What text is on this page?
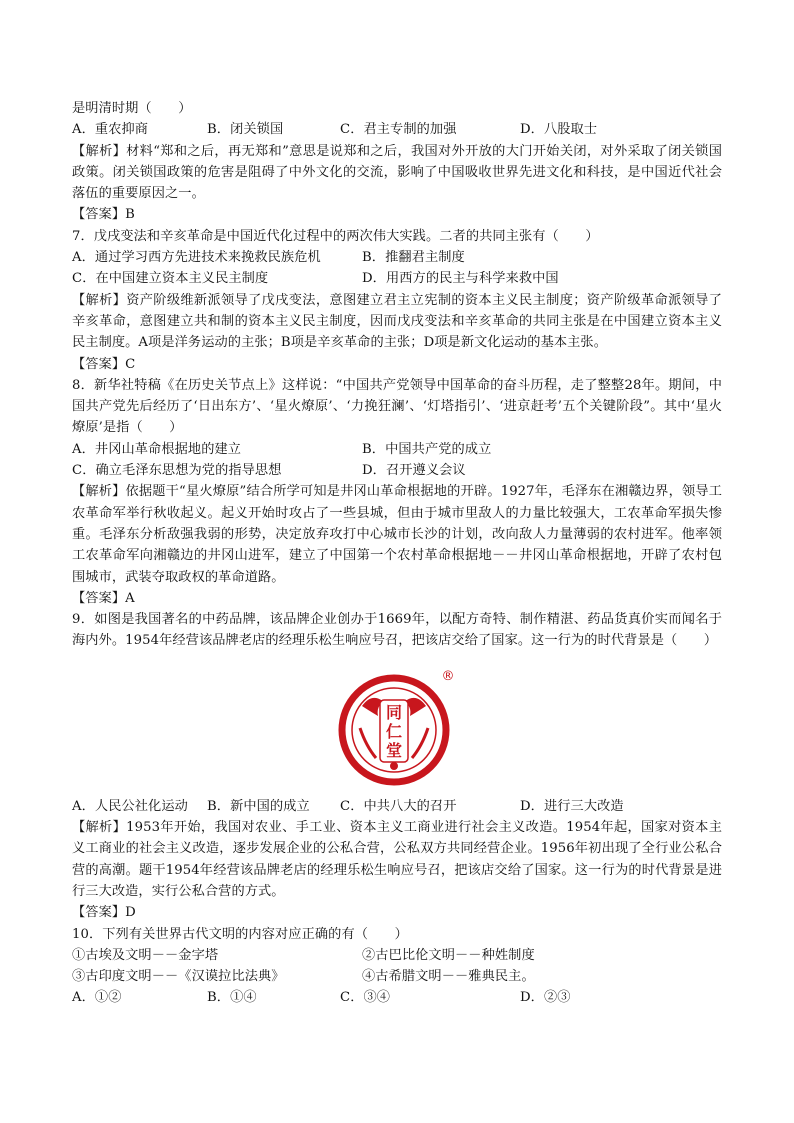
是明清时期（　　）
A．重农抑商	B．闭关锁国	C．君主专制的加强	D．八股取士
【解析】材料“郑和之后，再无郑和”意思是说郑和之后，我国对外开放的大门开始关闭，对外采取了闭关锁国政策。闭关锁国政策的危害是阻碍了中外文化的交流，影响了中国吸收世界先进文化和科技，是中国近代社会落伍的重要原因之一。
【答案】B
7．戊戌变法和辛亥革命是中国近代化过程中的两次伟大实践。二者的共同主张有（　　）
A．通过学习西方先进技术来挽救民族危机	B．推翻君主制度
C．在中国建立资本主义民主制度	D．用西方的民主与科学来救中国
【解析】资产阶级维新派领导了戊戌变法，意图建立君主立宪制的资本主义民主制度；资产阶级革命派领导了辛亥革命，意图建立共和制的资本主义民主制度，因而戊戌变法和辛亥革命的共同主张是在中国建立资本主义民主制度。A项是洋务运动的主张；B项是辛亥革命的主张；D项是新文化运动的基本主张。
【答案】C
8．新华社特稿《在历史关节点上》这样说：“中国共产党领导中国革命的奋斗历程，走了整整28年。期间，中国共产党先后经历了‘日出东方’、‘星火燎原’、‘力挽狂澜’、‘灯塔指引’、‘进京赶考’五个关键阶段”。其中‘星火燎原’是指（　　）
A．井冈山革命根据地的建立	B．中国共产党的成立
C．确立毛泽东思想为党的指导思想	D．召开遵义会议
【解析】依据题干“星火燎原”结合所学可知是井冈山革命根据地的开辟。1927年，毛泽东在湘赣边界，领导工农革命军举行秋收起义。起义开始时攻占了一些县城，但由于城市里敌人的力量比较强大，工农革命军损失惨重。毛泽东分析敌强我弱的形势，决定放弃攻打中心城市长沙的计划，改向敌人力量薄弱的农村进军。他率领工农革命军向湘赣边的井冈山进军，建立了中国第一个农村革命根据地－－井冈山革命根据地，开辟了农村包围城市，武装夺取政权的革命道路。
【答案】A
9．如图是我国著名的中药品牌，该品牌企业创办于1669年，以配方奇特、制作精湛、药品货真价实而闻名于海内外。1954年经营该品牌老店的经理乐松生响应号召，把该店交给了国家。这一行为的时代背景是（　　）
同
仁
堂
®
A．人民公社化运动	B．新中国的成立	C．中共八大的召开	D．进行三大改造
【解析】1953年开始，我国对农业、手工业、资本主义工商业进行社会主义改造。1954年起，国家对资本主义工商业的社会主义改造，逐步发展企业的公私合营，公私双方共同经营企业。1956年初出现了全行业公私合营的高潮。题干1954年经营该品牌老店的经理乐松生响应号召，把该店交给了国家。这一行为的时代背景是进行三大改造，实行公私合营的方式。
【答案】D
10．下列有关世界古代文明的内容对应正确的有（　　）
①古埃及文明－－金字塔	②古巴比伦文明－－种姓制度
③古印度文明－－《汉谟拉比法典》	④古希腊文明－－雅典民主。
A．①②	B．①④	C．③④	D．②③
